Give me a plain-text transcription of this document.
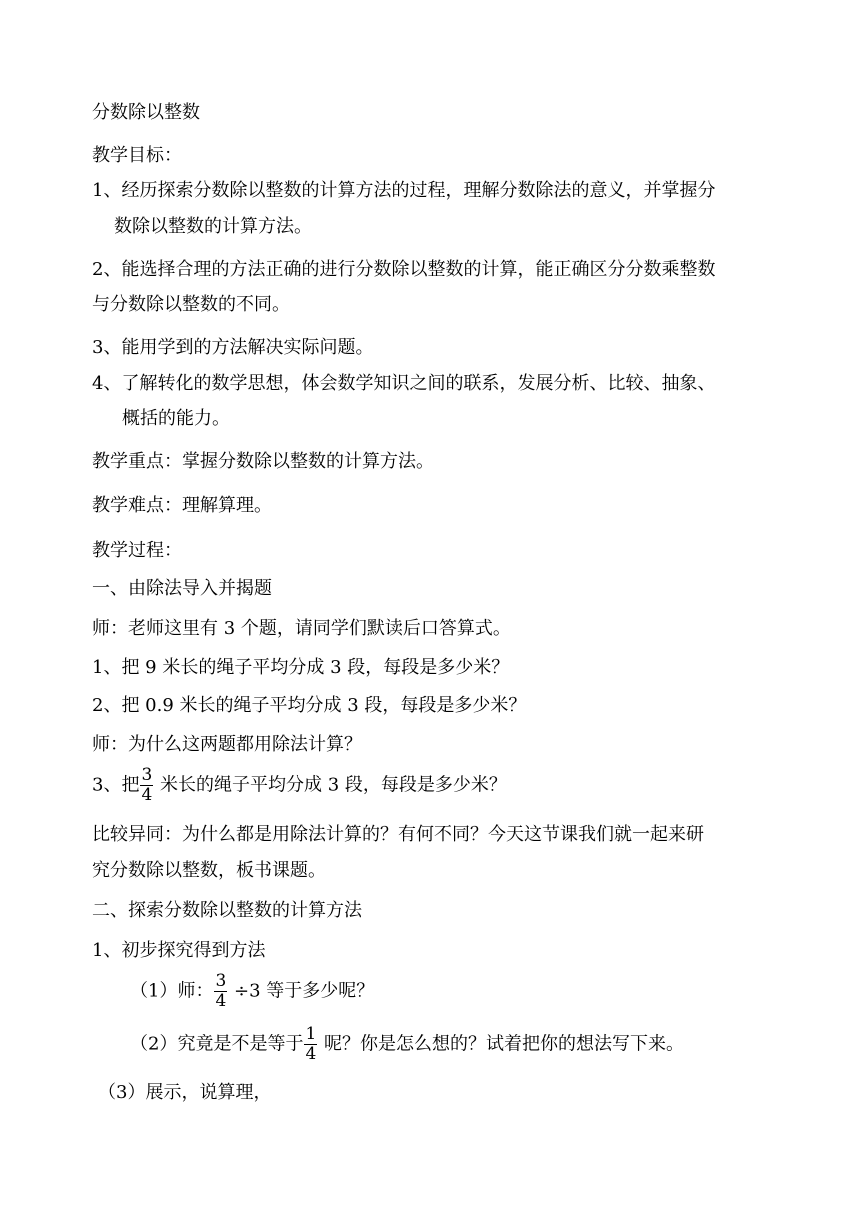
分数除以整数
教学目标：
1、经历探索分数除以整数的计算方法的过程，理解分数除法的意义，并掌握分
数除以整数的计算方法。
2、能选择合理的方法正确的进行分数除以整数的计算，能正确区分分数乘整数
与分数除以整数的不同。
3、能用学到的方法解决实际问题。
4、了解转化的数学思想，体会数学知识之间的联系，发展分析、比较、抽象、
概括的能力。
教学重点：掌握分数除以整数的计算方法。
教学难点：理解算理。
教学过程：
一、由除法导入并揭题
师：老师这里有 3 个题，请同学们默读后口答算式。
1、把 9 米长的绳子平均分成 3 段，每段是多少米？
2、把 0.9 米长的绳子平均分成 3 段，每段是多少米？
师：为什么这两题都用除法计算？
3、把 $\frac{3}{4}$ 米长的绳子平均分成 3 段，每段是多少米？
比较异同：为什么都是用除法计算的？有何不同？今天这节课我们就一起来研
究分数除以整数，板书课题。
二、探索分数除以整数的计算方法
1、初步探究得到方法
（1）师： $\frac{3}{4} \div 3$ 等于多少呢？
（2）究竟是不是等于 $\frac{1}{4}$ 呢？你是怎么想的？试着把你的想法写下来。
（3）展示，说算理，
